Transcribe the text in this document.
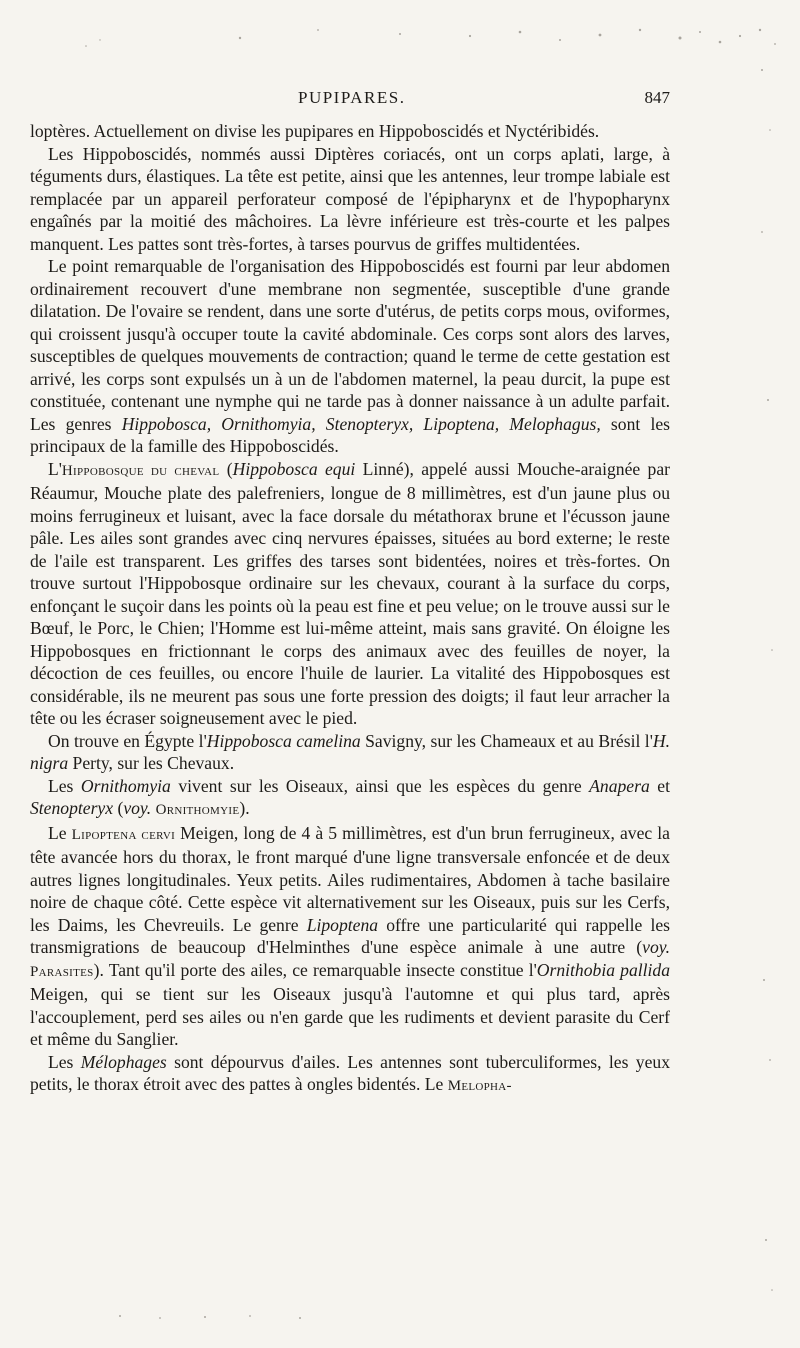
PUPIPARES.	847

loptères. Actuellement on divise les pupipares en Hippoboscidés et Nyctéribidés.

Les Hippoboscidés, nommés aussi Diptères coriacés, ont un corps aplati, large, à téguments durs, élastiques. La tête est petite, ainsi que les antennes, leur trompe labiale est remplacée par un appareil perforateur composé de l'épipharynx et de l'hypopharynx engaînés par la moitié des mâchoires. La lèvre inférieure est très-courte et les palpes manquent. Les pattes sont très-fortes, à tarses pourvus de griffes multidentées.

Le point remarquable de l'organisation des Hippoboscidés est fourni par leur abdomen ordinairement recouvert d'une membrane non segmentée, susceptible d'une grande dilatation. De l'ovaire se rendent, dans une sorte d'utérus, de petits corps mous, oviformes, qui croissent jusqu'à occuper toute la cavité abdominale. Ces corps sont alors des larves, susceptibles de quelques mouvements de contraction; quand le terme de cette gestation est arrivé, les corps sont expulsés un à un de l'abdomen maternel, la peau durcit, la pupe est constituée, contenant une nymphe qui ne tarde pas à donner naissance à un adulte parfait. Les genres Hippobosca, Ornithomyia, Stenopteryx, Lipoptena, Melophagus, sont les principaux de la famille des Hippoboscidés.

L'Hippobosque du cheval (Hippobosca equi Linné), appelé aussi Mouche-araignée par Réaumur, Mouche plate des palefreniers, longue de 8 millimètres, est d'un jaune plus ou moins ferrugineux et luisant, avec la face dorsale du métathorax brune et l'écusson jaune pâle. Les ailes sont grandes avec cinq nervures épaisses, situées au bord externe; le reste de l'aile est transparent. Les griffes des tarses sont bidentées, noires et très-fortes. On trouve surtout l'Hippobosque ordinaire sur les chevaux, courant à la surface du corps, enfonçant le suçoir dans les points où la peau est fine et peu velue; on le trouve aussi sur le Bœuf, le Porc, le Chien; l'Homme est lui-même atteint, mais sans gravité. On éloigne les Hippobosques en frictionnant le corps des animaux avec des feuilles de noyer, la décoction de ces feuilles, ou encore l'huile de laurier. La vitalité des Hippobosques est considérable, ils ne meurent pas sous une forte pression des doigts; il faut leur arracher la tête ou les écraser soigneusement avec le pied.

On trouve en Égypte l'Hippobosca camelina Savigny, sur les Chameaux et au Brésil l'H. nigra Perty, sur les Chevaux.

Les Ornithomyia vivent sur les Oiseaux, ainsi que les espèces du genre Anapera et Stenopteryx (voy. Ornithomyie).

Le Lipoptena cervi Meigen, long de 4 à 5 millimètres, est d'un brun ferrugineux, avec la tête avancée hors du thorax, le front marqué d'une ligne transversale enfoncée et de deux autres lignes longitudinales. Yeux petits. Ailes rudimentaires, Abdomen à tache basilaire noire de chaque côté. Cette espèce vit alternativement sur les Oiseaux, puis sur les Cerfs, les Daims, les Chevreuils. Le genre Lipoptena offre une particularité qui rappelle les transmigrations de beaucoup d'Helminthes d'une espèce animale à une autre (voy. Parasites). Tant qu'il porte des ailes, ce remarquable insecte constitue l'Ornithobia pallida Meigen, qui se tient sur les Oiseaux jusqu'à l'automne et qui plus tard, après l'accouplement, perd ses ailes ou n'en garde que les rudiments et devient parasite du Cerf et même du Sanglier.

Les Mélophages sont dépourvus d'ailes. Les antennes sont tuberculiformes, les yeux petits, le thorax étroit avec des pattes à ongles bidentés. Le Melopha-
